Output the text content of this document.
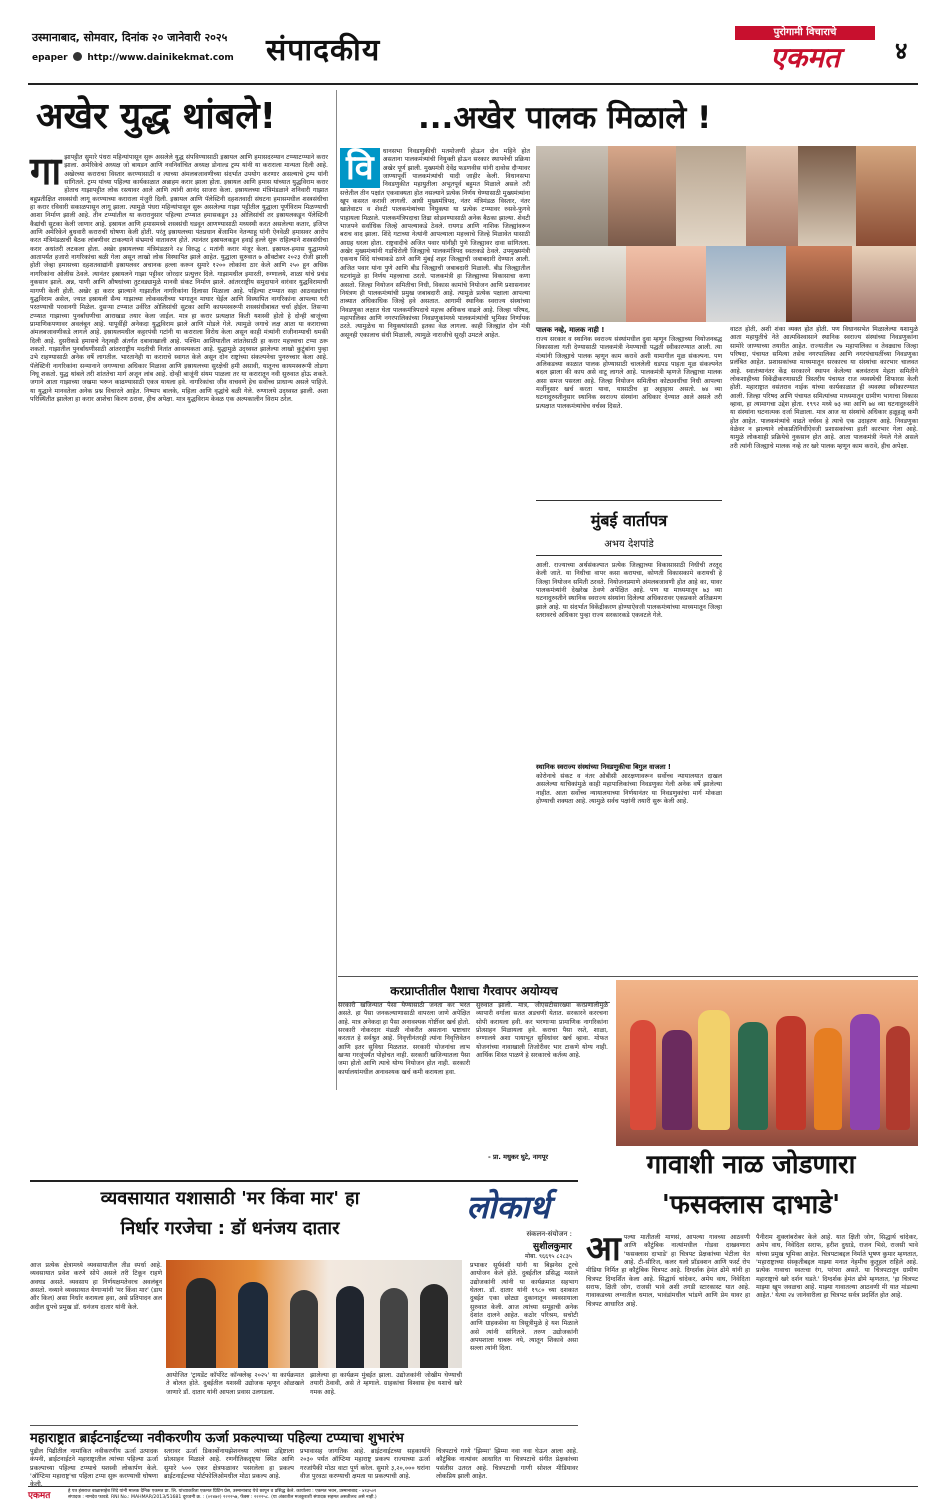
उस्मानाबाद, सोमवार, दिनांक २० जानेवारी २०२५
epaper http://www.dainikekmat.com संपादकीय
पुरोगामी विचाराचे
एकमत	४
अखेर युद्ध थांबले!
गा झापट्टीत सुमारे पंधरा महिन्यांपासून सुरू असलेले युद्ध संपविण्यासाठी इस्रायल आणि हमासदरम्यान टप्प्याटप्प्याने करार झाला. अमेरिकेचे अध्यक्ष जो बायडन आणि नवनिर्वाचित अध्यक्ष डोनाल्ड ट्रम्प यांनी या कराराला मान्यता दिली आहे. अखेरच्या कराराचा विस्तार करण्यासाठी व त्याच्या अंमलबजावणीच्या संदर्भात उपयोग करणार असल्याचे ट्रम्प यांनी सांगितले. ट्रम्प यांच्या पहिल्या कार्यकाळात अब्राहम करार झाला होता. इस्रायल आणि हमास यांच्यात युद्धविराम करार होताच गाझापट्टीत लोक रस्त्यावर आले आणि त्यांनी आनंद साजरा केला. इस्रायलच्या मंत्रिमंडळाने शनिवारी गाझात बहुप्रतीक्षित शस्त्रसंधी लागू करण्याच्या कराराला मंजुरी दिली. इस्रायल आणि पॅलेस्टिनी दहशतवादी संघटना हमासमधील शस्त्रसंधीचा हा करार रविवारी सकाळपासून लागू झाला. त्यामुळे पंधरा महिन्यांपासून सुरू असलेल्या गाझा पट्टीतील युद्धाला पूर्णविराम मिळण्याची आशा निर्माण झाली आहे. तीन टप्प्यांतील या करारानुसार पहिल्या टप्प्यात हमासकडून ३३ ओलिसांची तर इस्रायलकडून पॅलेस्टिनी कैद्यांची सुटका केली जाणार आहे. इस्रायल आणि हमासमध्ये शस्त्रसंधी घडवून आणण्यासाठी मध्यस्थी करत असलेल्या कतार, इजिप्त आणि अमेरिकेने बुधवारी कराराची घोषणा केली होती. परंतु इस्रायलच्या पंतप्रधान बेंजामिन नेतन्याहू यांनी ऐनवेळी हमासवर आरोप करत मंत्रिमंडळाची बैठक लांबणीवर टाकल्याने संभ्रमाचे वातावरण होते. त्यानंतर इस्रायलकडून हवाई हल्ले सुरू राहिल्याने शस्त्रसंधीचा करार अधांतरी लटकला होता. अखेर इस्रायलच्या मंत्रिमंडळाने २४ विरुद्ध ८ मतांनी करार मंजूर केला. इस्रायल-हमास युद्धामध्ये आतापर्यंत हजारो नागरिकांचा बळी गेला असून लाखो लोक विस्थापित झाले आहेत. युद्धाला सुरुवात ७ ऑक्टोबर २०२३ रोजी झाली होती जेव्हा हमासच्या दहशतवाद्यांनी इस्रायलवर अचानक हल्ला करून सुमारे १२०० लोकांना ठार केले आणि २५० हून अधिक नागरिकांना ओलीस ठेवले. त्यानंतर इस्रायलने गाझा पट्टीवर जोरदार प्रत्युत्तर दिले. गाझामधील इमारती, रुग्णालये, शाळा यांचे प्रचंड नुकसान झाले. अन्न, पाणी आणि औषधांच्या तुटवड्यामुळे मानवी संकट निर्माण झाले. आंतरराष्ट्रीय समुदायाने वारंवार युद्धविरामाची मागणी केली होती. अखेर हा करार झाल्याने गाझातील नागरिकांना दिलासा मिळाला आहे. पहिल्या टप्प्यात सहा आठवड्यांचा युद्धविराम असेल, ज्यात इस्रायली सैन्य गाझाच्या लोकवस्तीच्या भागातून माघार घेईल आणि विस्थापित नागरिकांना आपल्या घरी परतण्याची परवानगी मिळेल. दुसऱ्या टप्प्यात उर्वरित ओलिसांची सुटका आणि कायमस्वरूपी शस्त्रसंधीबाबत चर्चा होईल. तिसऱ्या टप्प्यात गाझाच्या पुनर्बांधणीचा आराखडा तयार केला जाईल. मात्र हा करार प्रत्यक्षात किती यशस्वी होतो हे दोन्ही बाजूंच्या प्रामाणिकपणावर अवलंबून आहे. यापूर्वीही अनेकदा युद्धविराम झाले आणि मोडले गेले. त्यामुळे जगाचे लक्ष आता या कराराच्या अंमलबजावणीकडे लागले आहे. इस्रायलमधील कट्टरपंथी गटांनी या कराराला विरोध केला असून काही मंत्र्यांनी राजीनाम्याची धमकी दिली आहे. दुसरीकडे हमासचे नेतृत्वही अंतर्गत दबावाखाली आहे. पश्चिम आशियातील शांततेसाठी हा करार महत्त्वाचा टप्पा ठरू शकतो. गाझातील पुनर्बांधणीसाठी आंतरराष्ट्रीय मदतीची नितांत आवश्यकता आहे. युद्धामुळे उद्ध्वस्त झालेल्या लाखो कुटुंबांना पुन्हा उभे राहण्यासाठी अनेक वर्षे लागतील. भारतानेही या कराराचे स्वागत केले असून दोन राष्ट्रांच्या संकल्पनेचा पुनरुच्चार केला आहे. पॅलेस्टिनी नागरिकांना सन्मानाने जगण्याचा अधिकार मिळावा आणि इस्रायलच्या सुरक्षेची हमी असावी, यातूनच कायमस्वरूपी तोडगा निघू शकतो. युद्ध थांबले तरी शांततेचा मार्ग अजून लांब आहे. दोन्ही बाजूंनी संयम पाळला तर या करारातून नवी सुरुवात होऊ शकते. जगाने आता गाझाच्या जखमा भरून काढण्यासाठी एकत्र यायला हवे. नागरिकांचा जीव वाचवणे हेच सर्वोच्च प्राधान्य असले पाहिजे. या युद्धाने मानवतेला अनेक प्रश्न विचारले आहेत. निष्पाप बालके, महिला आणि वृद्धांचे बळी गेले. रुग्णालये उद्ध्वस्त झाली. अशा परिस्थितीत झालेला हा करार आशेचा किरण ठरावा, हीच अपेक्षा. मात्र युद्धविराम केवळ एक अल्पकालीन विराम ठरेल.
...अखेर पालक मिळाले !
वि	धानसभा निवडणुकीची मतमोजणी होऊन दोन महिने होत असताना पालकमंत्र्यांची नियुक्ती होऊन सरकार स्थापनेची प्रक्रिया अखेर पूर्ण झाली. मुख्यमंत्री देवेंद्र फडणवीस यांनी दावोस दौऱ्यावर जाण्यापूर्वी पालकमंत्र्यांची यादी जाहीर केली. विधानसभा निवडणुकीत महायुतीला अभूतपूर्व बहुमत मिळाले असले तरी सत्तेतील तीन पक्षांत एकवाक्यता होत नसल्याने प्रत्येक निर्णय घेण्यासाठी मुख्यमंत्र्यांना खूप कसरत करावी लागली. आधी मुख्यमंत्रिपद, नंतर मंत्रिमंडळ विस्तार, नंतर खातेवाटप व शेवटी पालकमंत्र्यांच्या नियुक्त्या या प्रत्येक टप्प्यावर रुसवे-फुगवे पाहायला मिळाले. पालकमंत्रिपदाचा तिढा सोडवण्यासाठी अनेक बैठका झाल्या. शेवटी भाजपने सर्वाधिक जिल्हे आपल्याकडे ठेवले. रायगड आणि नाशिक जिल्ह्यांवरून बराच वाद झाला. शिंदे गटाच्या नेत्यांनी आपल्याला महत्त्वाचे जिल्हे मिळावेत यासाठी आग्रह धरला होता. राष्ट्रवादीचे अजित पवार यांनीही पुणे जिल्ह्यावर दावा सांगितला. अखेर मुख्यमंत्र्यांनी गडचिरोली जिल्ह्याचे पालकमंत्रिपद स्वतःकडे ठेवले. उपमुख्यमंत्री एकनाथ शिंदे यांच्याकडे ठाणे आणि मुंबई शहर जिल्ह्याची जबाबदारी देण्यात आली. अजित पवार यांना पुणे आणि बीड जिल्ह्याची जबाबदारी मिळाली. बीड जिल्ह्यातील घटनांमुळे हा निर्णय महत्त्वाचा ठरतो. पालकमंत्री हा जिल्ह्याच्या विकासाचा कणा असतो. जिल्हा नियोजन समितीचा निधी, विकास कामांचे नियोजन आणि प्रशासनावर नियंत्रण ही पालकमंत्र्यांची प्रमुख जबाबदारी आहे. त्यामुळे प्रत्येक पक्षाला आपल्या ताब्यात अधिकाधिक जिल्हे हवे असतात. आगामी स्थानिक स्वराज्य संस्थांच्या निवडणुका लक्षात घेता पालकमंत्रिपदाचे महत्त्व अधिकच वाढले आहे. जिल्हा परिषद, महापालिका आणि नगरपालिकांच्या निवडणुकांमध्ये पालकमंत्र्यांची भूमिका निर्णायक ठरते. त्यामुळेच या नियुक्त्यांसाठी इतका वेळ लागला. काही जिल्ह्यांत दोन मंत्री असूनही एकालाच संधी मिळाली, त्यामुळे नाराजीचे सूरही उमटले आहेत.
पालक नव्हे, मालक नाही !
राज्य सरकार व स्थानिक स्वराज्य संस्थांमधील दुवा म्हणून जिल्ह्याच्या नियोजनबद्ध विकासाला गती देण्यासाठी पालकमंत्री नेमण्याची पद्धती स्वीकारण्यात आली. त्या मंत्र्यांनी जिल्ह्याचे पालक म्हणून काम करावे अशी यामागील मूळ संकल्पना. पण अलिकडच्या काळात पालक होण्यासाठी चाललेली धडपड पाहता मूळ संकल्पनेत बदल झाला की काय असे वाटू लागले आहे. पालकमंत्री म्हणजे जिल्ह्याचा मालक असा समज पसरला आहे. जिल्हा नियोजन समितीचा कोट्यवधींचा निधी आपल्या मर्जीनुसार खर्च करता यावा, यासाठीच हा अट्टाहास असतो. ७४ व्या घटनादुरुस्तीनुसार स्थानिक स्वराज्य संस्थांना अधिकार देण्यात आले असले तरी प्रत्यक्षात पालकमंत्र्यांचेच वर्चस्व दिसते.
मुंबई वार्तापत्र
अभय देशपांडे
आली. राज्याच्या अर्थसंकल्पात प्रत्येक जिल्ह्याच्या विकासासाठी निधीची तरतूद केली जाते. या निधीचा वापर कसा करायचा, कोणती विकासकामे करायची हे जिल्हा नियोजन समिती ठरवते. नियोजनप्रमाणे अंमलबजावणी होत आहे का, यावर पालकमंत्र्यांनी देखरेख ठेवणे अपेक्षित आहे. पण या माध्यमातून ७३ व्या घटनादुरुस्तीने स्थानिक स्वराज्य संस्थांना दिलेल्या अधिकारावर एकप्रकारे अतिक्रमण झाले आहे. या संदर्भात विकेंद्रीकरण होण्याऐवजी पालकमंत्र्यांच्या माध्यमातून जिल्हा स्तरावरचे अधिकार पुन्हा राज्य सरकारकडे एकवटले गेले.
स्थानिक स्वराज्य संस्थांच्या निवडणुकीचा बिगुल वाजला !
कोरोनाचे संकट व नंतर ओबीसी आरक्षणावरून सर्वोच्च न्यायालयात दाखल असलेल्या याचिकांमुळे काही महापालिकांच्या निवडणुका गेली अनेक वर्षे झालेल्या नाहीत. आता सर्वोच्च न्यायालयाच्या निर्णयानंतर या निवडणुकांचा मार्ग मोकळा होण्याची शक्यता आहे. त्यामुळे सर्वच पक्षांनी तयारी सुरू केली आहे.
वाटत होती, अशी शंका व्यक्त होत होती. पण विधानसभेत मिळालेल्या यशामुळे आता महायुतीचे नेते आत्मविश्वासाने स्थानिक स्वराज्य संस्थांच्या निवडणुकांना सामोरे जाण्याच्या तयारीत आहेत. राज्यातील २७ महापालिका व तेवढ्याच जिल्हा परिषदा, पंचायत समित्या तसेच नगरपालिका आणि नगरपंचायतींच्या निवडणुका प्रलंबित आहेत. प्रशासकांच्या माध्यमातून सरकारच या संस्थांचा कारभार चालवत आहे. स्वातंत्र्यानंतर केंद्र सरकारने स्थापन केलेल्या बलवंतराय मेहता समितीने लोकशाहीच्या विकेंद्रीकरणासाठी त्रिस्तरीय पंचायत राज व्यवस्थेची शिफारस केली होती. महाराष्ट्रात वसंतराव नाईक यांच्या कार्यकाळात ही व्यवस्था स्वीकारण्यात आली. जिल्हा परिषद आणि पंचायत समित्यांच्या माध्यमातून ग्रामीण भागाचा विकास व्हावा, हा त्यामागचा उद्देश होता. १९९२ मध्ये ७३ व्या आणि ७४ व्या घटनादुरुस्तीने या संस्थांना घटनात्मक दर्जा मिळाला. मात्र आज या संस्थांचे अधिकार हळूहळू कमी होत आहेत. पालकमंत्र्यांचे वाढते वर्चस्व हे त्याचे एक उदाहरण आहे. निवडणुका वेळेवर न झाल्याने लोकप्रतिनिधींऐवजी प्रशासकांच्या हाती कारभार गेला आहे. यामुळे लोकशाही प्रक्रियेचे नुकसान होत आहे. आता पालकमंत्री नेमले गेले असले तरी त्यांनी जिल्ह्याचे मालक नव्हे तर खरे पालक म्हणून काम करावे, हीच अपेक्षा.
करप्राप्तीतील पैशाचा गैरवापर अयोग्यच
सरकारी खजिन्यात पैसा येण्यासाठी जनता कर भरत असते. हा पैसा जनकल्याणासाठी वापरला जाणे अपेक्षित आहे. मात्र अनेकदा हा पैसा अनावश्यक गोष्टींवर खर्च होतो. सरकारी नोकरदार मंडळी नोकरीत असताना भ्रष्टाचार करतात हे सर्वश्रुत आहे. निवृत्तीनंतरही त्यांना निवृत्तिवेतन आणि इतर सुविधा मिळतात. सरकारी योजनांचा लाभ खऱ्या गरजूंपर्यंत पोहोचत नाही. सरकारी खजिन्यातला पैसा जमा होतो आणि त्याचे योग्य नियोजन होत नाही. सरकारी कार्यालयांमधील अनावश्यक खर्च कमी करायला हवा.
सुरुवात झाली. मात्र, जीएसटीसारख्या करप्रणालीमुळे व्यापारी वर्गाला सतत अडचणी येतात. सरकारने कररचना सोपी करायला हवी. कर भरणाऱ्या प्रामाणिक नागरिकांना प्रोत्साहन मिळायला हवे. कराचा पैसा रस्ते, शाळा, रुग्णालये अशा पायाभूत सुविधांवर खर्च व्हावा. मोफत योजनांच्या नावाखाली तिजोरीवर भार टाकणे योग्य नाही. आर्थिक शिस्त पाळणे हे सरकारचे कर्तव्य आहे.
- प्रा. मधुकर घुटे, नागपूर	गावाशी नाळ जोडणारा
'फसक्लास दाभाडे'
व्यवसायात यशासाठी 'मर किंवा मार' हा
निर्धार गरजेचा : डॉ धनंजय दातार
लोकार्थ
संकलन-संयोजन :
सुशीलकुमार
मोबा. ९६६९५ ८२८३५
आज प्रत्येक क्षेत्रामध्ये व्यवसायातील तीव्र स्पर्धा आहे. व्यवसायात प्रवेश करणे सोपे असले तरी टिकून राहणे अवघड असते. व्यवसाय हा निर्णयक्षमतेवरच अवलंबून असतो. नव्याने व्यवसायात येणाऱ्यांनी 'मर किंवा मार' (डाय ऑर किल) असा निर्धार करायला हवा, असे प्रतिपादन अल अदील ग्रुपचे प्रमुख डॉ. धनंजय दातार यांनी केले.
आयोजित 'ट्रायडेंट कॉर्पोरेट कॉन्क्लेव्ह २०२५' या कार्यक्रमात ते बोलत होते. दुबईतील यशस्वी उद्योजक म्हणून ओळखले जाणारे डॉ. दातार यांनी आपला प्रवास उलगडला.
झालेल्या हा कार्यक्रम मुंबईत झाला. उद्योजकांनी जोखीम घेण्याची तयारी ठेवावी, असे ते म्हणाले. ग्राहकांचा विश्वास हेच यशाचे खरे गमक आहे.
प्रभाकर सूर्यवंशी यांनी या बिझनेस टूरचे आयोजन केले होते. दुबईतील प्रसिद्ध मसाले उद्योजकांनी त्यांनी या कार्यक्रमात सहभाग घेतला. डॉ. दातार यांनी १९८० च्या दशकात दुबईत एका छोट्या दुकानातून व्यवसायाला सुरुवात केली. आज त्यांच्या समूहाची अनेक देशांत दालने आहेत. कठोर परिश्रम, सचोटी आणि ग्राहकसेवा या त्रिसूत्रीमुळे हे यश मिळाले असे त्यांनी सांगितले. तरुण उद्योजकांनी अपयशाला घाबरू नये, त्यातून शिकावे असा सल्ला त्यांनी दिला.
आ पल्या मातीतली माणसं, आपल्या गावच्या आठवणी आणि कौटुंबिक नात्यांमधील गोडवा दाखवणारा 'फसक्लास दाभाडे' हा चित्रपट प्रेक्षकांच्या भेटीला येत आहे. टी-सीरिज, कलर यलो प्रॉडक्शन आणि फर्स्ट रोप मीडिया निर्मित हा कौटुंबिक चित्रपट आहे. दिग्दर्शक हेमंत ढोमे यांनी हा चित्रपट दिग्दर्शित केला आहे. सिद्धार्थ चांदेकर, अमेय वाघ, निवेदिता सराफ, क्षिती जोग, राजसी भावे अशी तगडी स्टारकास्ट यात आहे. गावाकडच्या लग्नातील धमाल, भावंडांमधील भांडणे आणि प्रेम यावर हा चित्रपट आधारित आहे.
पैनीराम शुक्लांबरोबर केले आहे. यात क्षिती जोग, सिद्धार्थ चांदेकर, अमेय वाघ, निवेदिता सराफ, हरीश दुधाडे, राजन भिसे, राजसी भावे यांच्या प्रमुख भूमिका आहेत. चित्रपटाबद्दल निर्माते भूषण कुमार म्हणतात, 'महाराष्ट्राच्या संस्कृतीबद्दल माझ्या मनात नेहमीच कुतूहल राहिले आहे. प्रत्येक गावाचा स्वतःचा रंग, परंपरा असते. या चित्रपटातून ग्रामीण महाराष्ट्राचे खरे दर्शन घडते.' दिग्दर्शक हेमंत ढोमे म्हणतात, 'हा चित्रपट माझ्या खूप जवळचा आहे. माझ्या गावातल्या आठवणी मी यात मांडल्या आहेत.' येत्या २४ जानेवारीला हा चित्रपट सर्वत्र प्रदर्शित होत आहे.
महाराष्ट्रात ब्राईटनाईटच्या नवीकरणीय ऊर्जा प्रकल्पाच्या पहिल्या टप्प्याचा शुभारंभ
पुढील पिढीतील नामांकित नवीकरणीय ऊर्जा उत्पादक कंपनी, ब्राईटनाईटने महाराष्ट्रातील त्यांच्या पहिल्या ऊर्जा प्रकल्पाच्या पहिल्या टप्प्याचे यशस्वी लोकार्पण केले. 'ऑप्टिमा महाराष्ट्र'चा पहिला टप्पा सुरू करण्याची घोषणा केली.
स्तरावर ऊर्जा डिकार्बोनायझेशनच्या त्यांच्या उद्दिष्टाला प्रोत्साहन मिळाले आहे. रणनीतिकदृष्ट्या स्थित आणि सुमारे ५०० एकर क्षेत्रफळावर पसरलेला हा प्रकल्प ब्राईटनाईटच्या पोर्टफोलिओमधील मोठा प्रकल्प आहे.
प्रभावासह जागतिक आहे. ब्राईटनाईटच्या सहकार्याने २०३० पर्यंत ऑप्टिमा महाराष्ट्र प्रकल्प राज्याच्या ऊर्जा गरजांपैकी मोठा वाटा पूर्ण करेल. सुमारे ३,२०,००० घरांना वीज पुरवठा करण्याची क्षमता या प्रकल्पाची आहे.
चित्रपटाचे गाणे 'झिम्मा' झिम्मा नवा नवा घेऊन आला आहे. कौटुंबिक नात्यांवर आधारित या चित्रपटाचे संगीत प्रेक्षकांच्या पसंतीस उतरत आहे. चित्रपटाची गाणी सोशल मीडियावर लोकप्रिय झाली आहेत.
एकमत	हे पत्र हंसराज बाळासाहेब शिंदे यांनी मालक दैनिक एकमत प्रा. लि. यांच्याकरिता एकमत प्रिंटिंग प्रेस, उस्मानाबाद येथे छापून व प्रसिद्ध केले. कार्यालय : एकमत भवन, उस्मानाबाद - ४१३५०१
संपादक : नामदेव फावडे. RNI No.: MAHMAR/2013/51681 दूरध्वनी क्र. : (०२४७२) २२२२५७, फॅक्स : २२२२५८. (या अंकातील मजकुराशी संपादक सहमत असतीलच असे नाही.)
